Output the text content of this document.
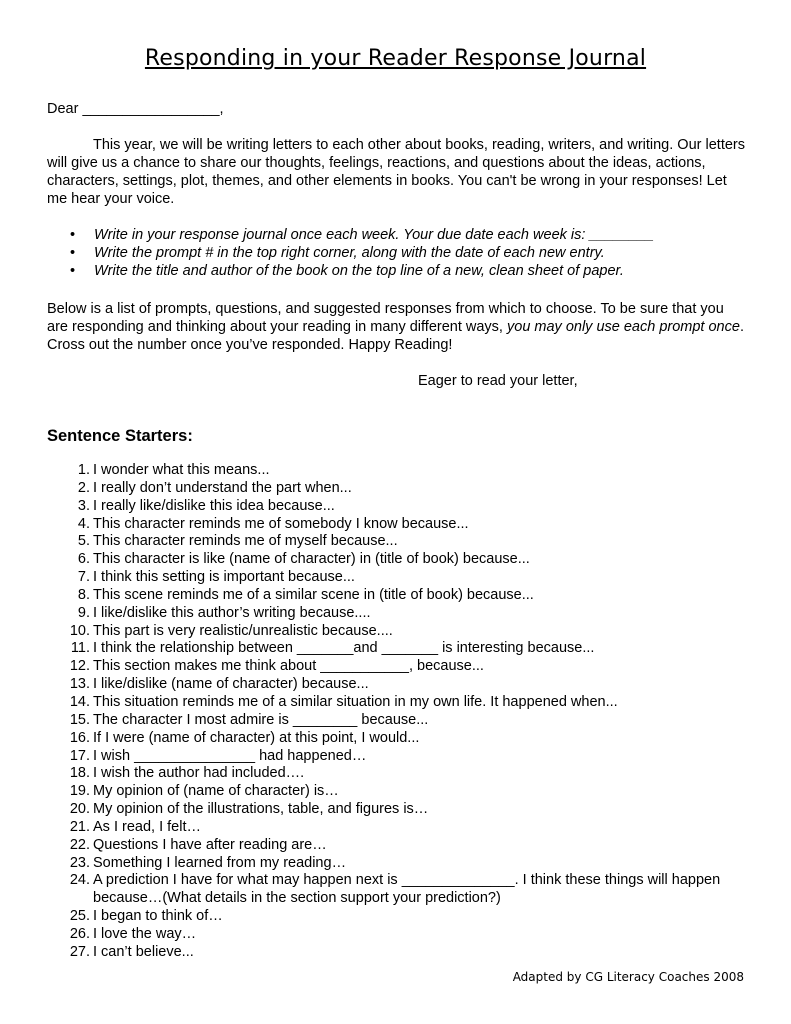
Responding in your Reader Response Journal
Dear _________________,
This year, we will be writing letters to each other about books, reading, writers, and writing. Our letters will give us a chance to share our thoughts, feelings, reactions, and questions about the ideas, actions, characters, settings, plot, themes, and other elements in books. You can't be wrong in your responses! Let me hear your voice.
• Write in your response journal once each week. Your due date each week is: ________
• Write the prompt # in the top right corner, along with the date of each new entry.
• Write the title and author of the book on the top line of a new, clean sheet of paper.
Below is a list of prompts, questions, and suggested responses from which to choose. To be sure that you are responding and thinking about your reading in many different ways, you may only use each prompt once. Cross out the number once you’ve responded. Happy Reading!
Eager to read your letter,
Sentence Starters:
1. I wonder what this means...
2. I really don’t understand the part when...
3. I really like/dislike this idea because...
4. This character reminds me of somebody I know because...
5. This character reminds me of myself because...
6. This character is like (name of character) in (title of book) because...
7. I think this setting is important because...
8. This scene reminds me of a similar scene in (title of book) because...
9. I like/dislike this author’s writing because....
10. This part is very realistic/unrealistic because....
11. I think the relationship between _______and _______ is interesting because...
12. This section makes me think about ___________, because...
13. I like/dislike (name of character) because...
14. This situation reminds me of a similar situation in my own life. It happened when...
15. The character I most admire is ________ because...
16. If I were (name of character) at this point, I would...
17. I wish _______________ had happened…
18. I wish the author had included….
19. My opinion of (name of character) is…
20. My opinion of the illustrations, table, and figures is…
21. As I read, I felt…
22. Questions I have after reading are…
23. Something I learned from my reading…
24. A prediction I have for what may happen next is ______________. I think these things will happen because…(What details in the section support your prediction?)
25. I began to think of…
26. I love the way…
27. I can’t believe...
Adapted by CG Literacy Coaches 2008
